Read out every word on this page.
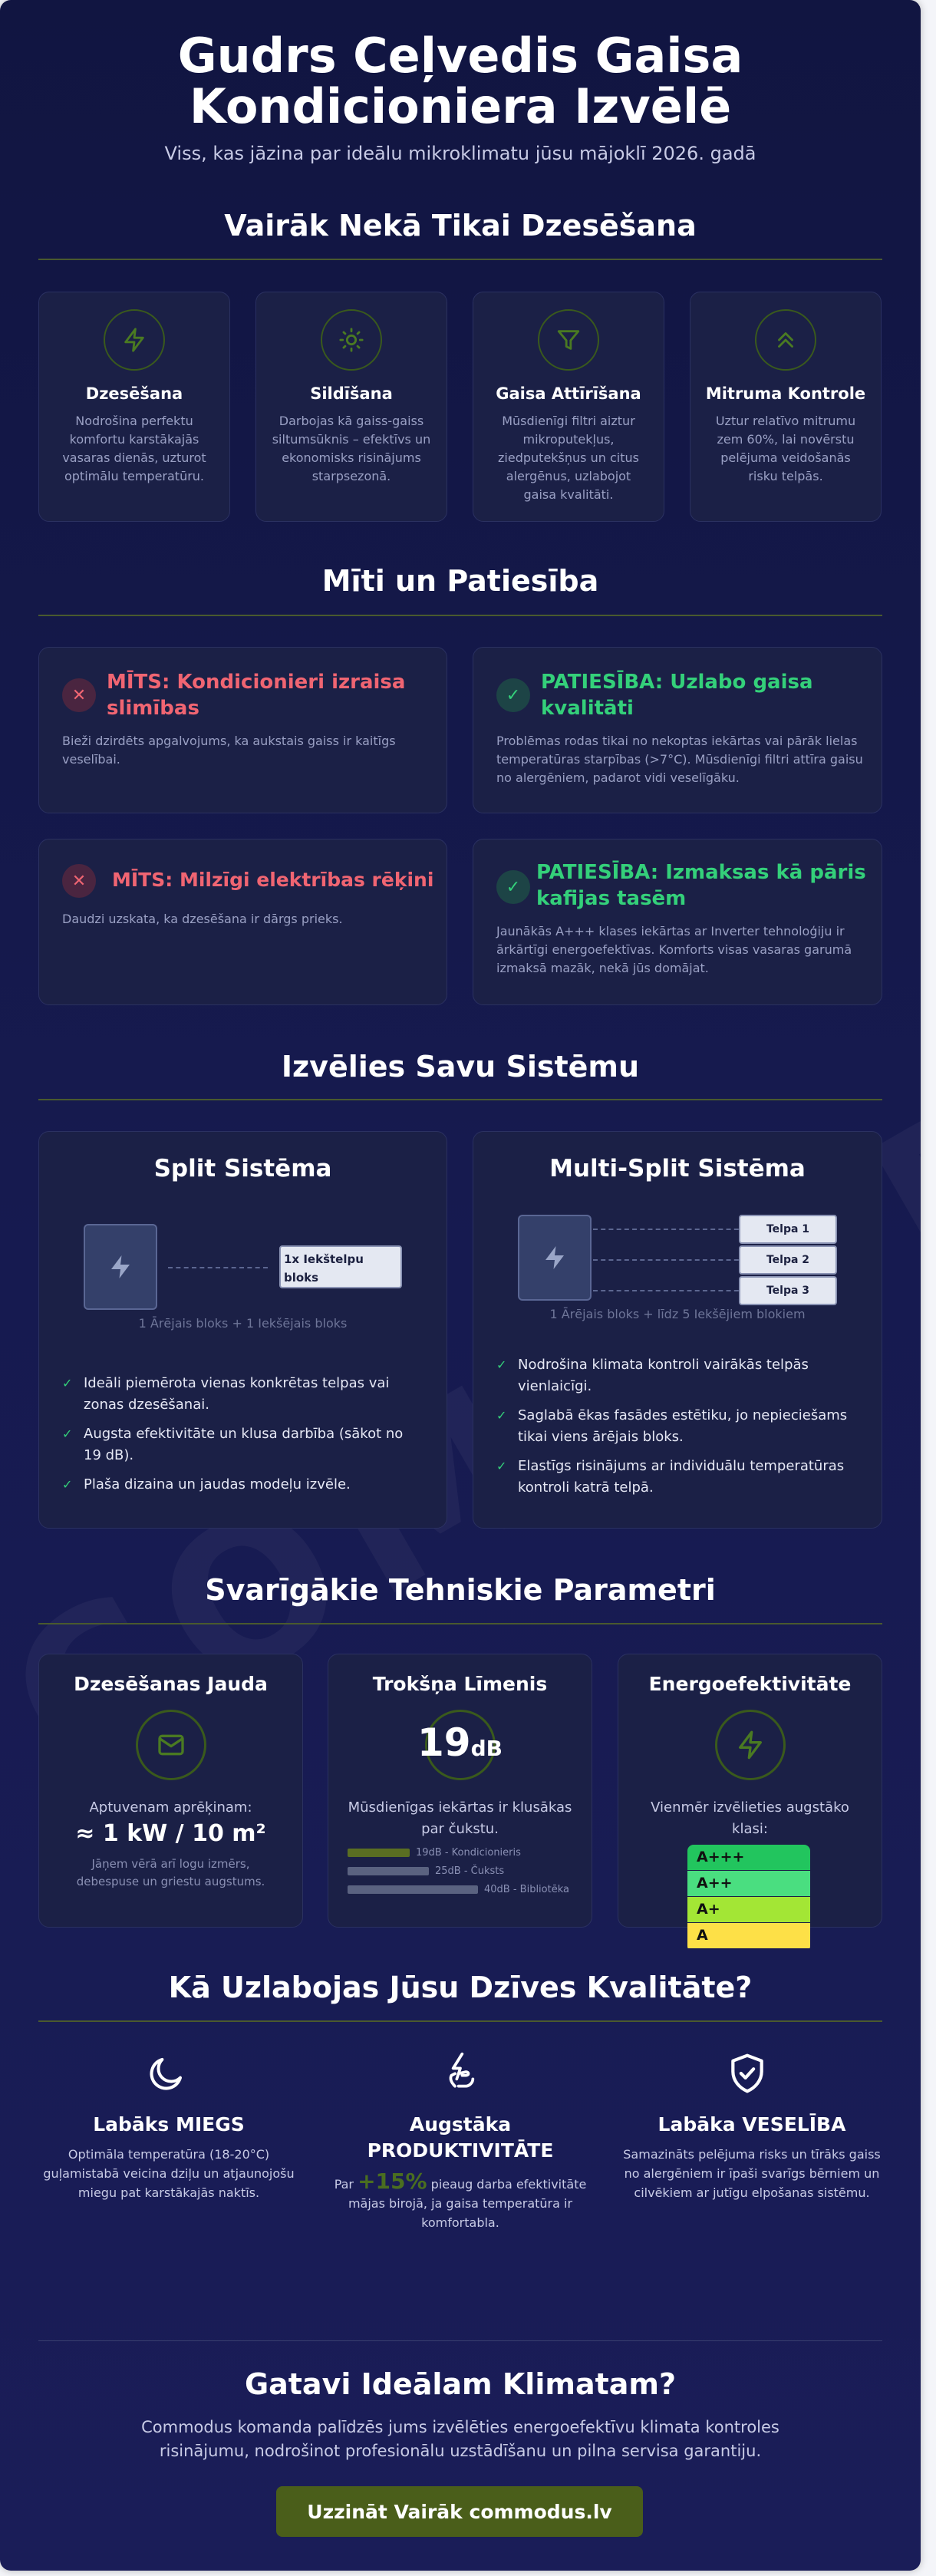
Gudrs Ceļvedis Gaisa Kondicioniera Izvēlē
Viss, kas jāzina par ideālu mikroklimatu jūsu mājoklī 2026. gadā
Vairāk Nekā Tikai Dzesēšana
Dzesēšana
Nodrošina perfektu komfortu karstākajās vasaras dienās, uzturot optimālu temperatūru.
Sildīšana
Darbojas kā gaiss-gaiss siltumsūknis – efektīvs un ekonomisks risinājums starpsezonā.
Gaisa Attīrīšana
Mūsdienīgi filtri aiztur mikroputekļus, ziedputekšņus un citus alergēnus, uzlabojot gaisa kvalitāti.
Mitruma Kontrole
Uztur relatīvo mitrumu zem 60%, lai novērstu pelējuma veidošanās risku telpās.
Mīti un Patiesība
✕
MĪTS: Kondicionieri izraisa slimības
Bieži dzirdēts apgalvojums, ka aukstais gaiss ir kaitīgs veselībai.
✓
PATIESĪBA: Uzlabo gaisa kvalitāti
Problēmas rodas tikai no nekoptas iekārtas vai pārāk lielas temperatūras starpības (>7°C). Mūsdienīgi filtri attīra gaisu no alergēniem, padarot vidi veselīgāku.
✕	MĪTS: Milzīgi elektrības rēķini
Daudzi uzskata, ka dzesēšana ir dārgs prieks.
✓
PATIESĪBA: Izmaksas kā pāris kafijas tasēm
Jaunākās A+++ klases iekārtas ar Inverter tehnoloģiju ir ārkārtīgi energoefektīvas. Komforts visas vasaras garumā izmaksā mazāk, nekā jūs domājat.
Izvēlies Savu Sistēmu
Split Sistēma
1x Iekštelpu bloks
1 Ārējais bloks + 1 Iekšējais bloks
✓ Ideāli piemērota vienas konkrētas telpas vai zonas dzesēšanai.
✓ Augsta efektivitāte un klusa darbība (sākot no 19 dB).
✓ Plaša dizaina un jaudas modeļu izvēle.
Multi-Split Sistēma
Telpa 1
Telpa 2
Telpa 3
1 Ārējais bloks + līdz 5 Iekšējiem blokiem
✓ Nodrošina klimata kontroli vairākās telpās vienlaicīgi.
✓ Saglabā ēkas fasādes estētiku, jo nepieciešams tikai viens ārējais bloks.
✓ Elastīgs risinājums ar individuālu temperatūras kontroli katrā telpā.
Svarīgākie Tehniskie Parametri
Dzesēšanas Jauda
Aptuvenam aprēķinam:
≈ 1 kW / 10 m²
Jāņem vērā arī logu izmērs, debespuse un griestu augstums.
Trokšņa Līmenis
19dB
Mūsdienīgas iekārtas ir klusākas par čukstu.
19dB - Kondicionieris
25dB - Čuksts
40dB - Bibliotēka
Energoefektivitāte
Vienmēr izvēlieties augstāko klasi:
A+++
A++
A+
A
Kā Uzlabojas Jūsu Dzīves Kvalitāte?
Labāks MIEGS
Optimāla temperatūra (18-20°C) guļamistabā veicina dziļu un atjaunojošu miegu pat karstākajās naktīs.
Augstāka PRODUKTIVITĀTE
Par +15% pieaug darba efektivitāte mājas birojā, ja gaisa temperatūra ir komfortabla.
Labāka VESELĪBA
Samazināts pelējuma risks un tīrāks gaiss no alergēniem ir īpaši svarīgs bērniem un cilvēkiem ar jutīgu elpošanas sistēmu.
Gatavi Ideālam Klimatam?
Commodus komanda palīdzēs jums izvēlēties energoefektīvu klimata kontroles risinājumu, nodrošinot profesionālu uzstādīšanu un pilna servisa garantiju.
Uzzināt Vairāk commodus.lv
